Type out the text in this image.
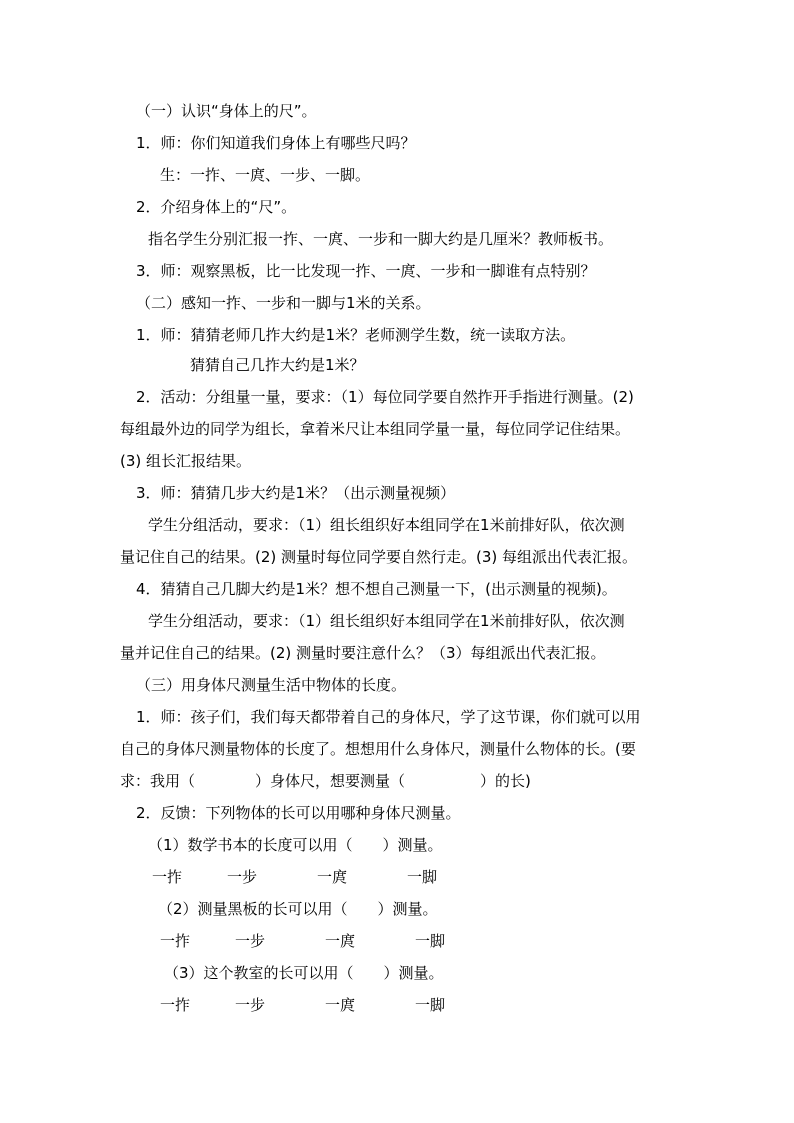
（一）认识“身体上的尺”。
1．师：你们知道我们身体上有哪些尺吗？
生：一拃、一庹、一步、一脚。
2．介绍身体上的“尺”。
指名学生分别汇报一拃、一庹、一步和一脚大约是几厘米？教师板书。
3．师：观察黑板，比一比发现一拃、一庹、一步和一脚谁有点特别？
（二）感知一拃、一步和一脚与1米的关系。
1．师：猜猜老师几拃大约是1米？老师测学生数，统一读取方法。
猜猜自己几拃大约是1米？
2．活动：分组量一量，要求：（1）每位同学要自然拃开手指进行测量。(2)
每组最外边的同学为组长，拿着米尺让本组同学量一量，每位同学记住结果。
(3) 组长汇报结果。
3．师：猜猜几步大约是1米？（出示测量视频）
学生分组活动，要求：（1）组长组织好本组同学在1米前排好队，依次测
量记住自己的结果。(2) 测量时每位同学要自然行走。(3) 每组派出代表汇报。
4．猜猜自己几脚大约是1米？想不想自己测量一下，(出示测量的视频)。
学生分组活动，要求：（1）组长组织好本组同学在1米前排好队，依次测
量并记住自己的结果。(2) 测量时要注意什么？（3）每组派出代表汇报。
（三）用身体尺测量生活中物体的长度。
1．师：孩子们，我们每天都带着自己的身体尺，学了这节课，你们就可以用
自己的身体尺测量物体的长度了。想想用什么身体尺，测量什么物体的长。(要
求：我用（　　　　）身体尺，想要测量（　　　　　）的长)
2．反馈：下列物体的长可以用哪种身体尺测量。
（1）数学书本的长度可以用（　　）测量。
一拃　　　一步　　　　一庹　　　　一脚
（2）测量黑板的长可以用（　　）测量。
一拃　　　一步　　　　一庹　　　　一脚
（3）这个教室的长可以用（　　）测量。
一拃　　　一步　　　　一庹　　　　一脚
